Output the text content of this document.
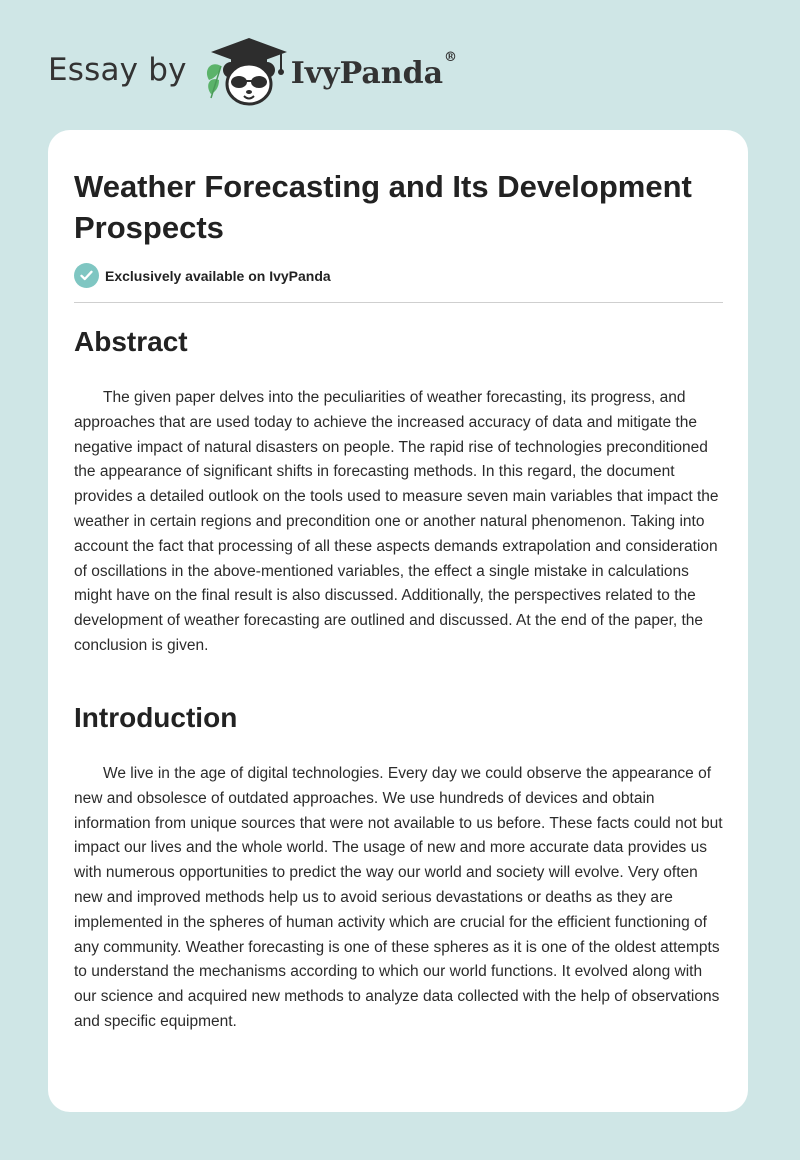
Essay by	IvyPanda®
Weather Forecasting and Its Development Prospects
Exclusively available on IvyPanda
Abstract

The given paper delves into the peculiarities of weather forecasting, its progress, and approaches that are used today to achieve the increased accuracy of data and mitigate the negative impact of natural disasters on people. The rapid rise of technologies preconditioned the appearance of significant shifts in forecasting methods. In this regard, the document provides a detailed outlook on the tools used to measure seven main variables that impact the weather in certain regions and precondition one or another natural phenomenon. Taking into account the fact that processing of all these aspects demands extrapolation and consideration of oscillations in the above-mentioned variables, the effect a single mistake in calculations might have on the final result is also discussed. Additionally, the perspectives related to the development of weather forecasting are outlined and discussed. At the end of the paper, the conclusion is given.

Introduction

We live in the age of digital technologies. Every day we could observe the appearance of new and obsolesce of outdated approaches. We use hundreds of devices and obtain information from unique sources that were not available to us before. These facts could not but impact our lives and the whole world. The usage of new and more accurate data provides us with numerous opportunities to predict the way our world and society will evolve. Very often new and improved methods help us to avoid serious devastations or deaths as they are implemented in the spheres of human activity which are crucial for the efficient functioning of any community. Weather forecasting is one of these spheres as it is one of the oldest attempts to understand the mechanisms according to which our world functions. It evolved along with our science and acquired new methods to analyze data collected with the help of observations and specific equipment.
